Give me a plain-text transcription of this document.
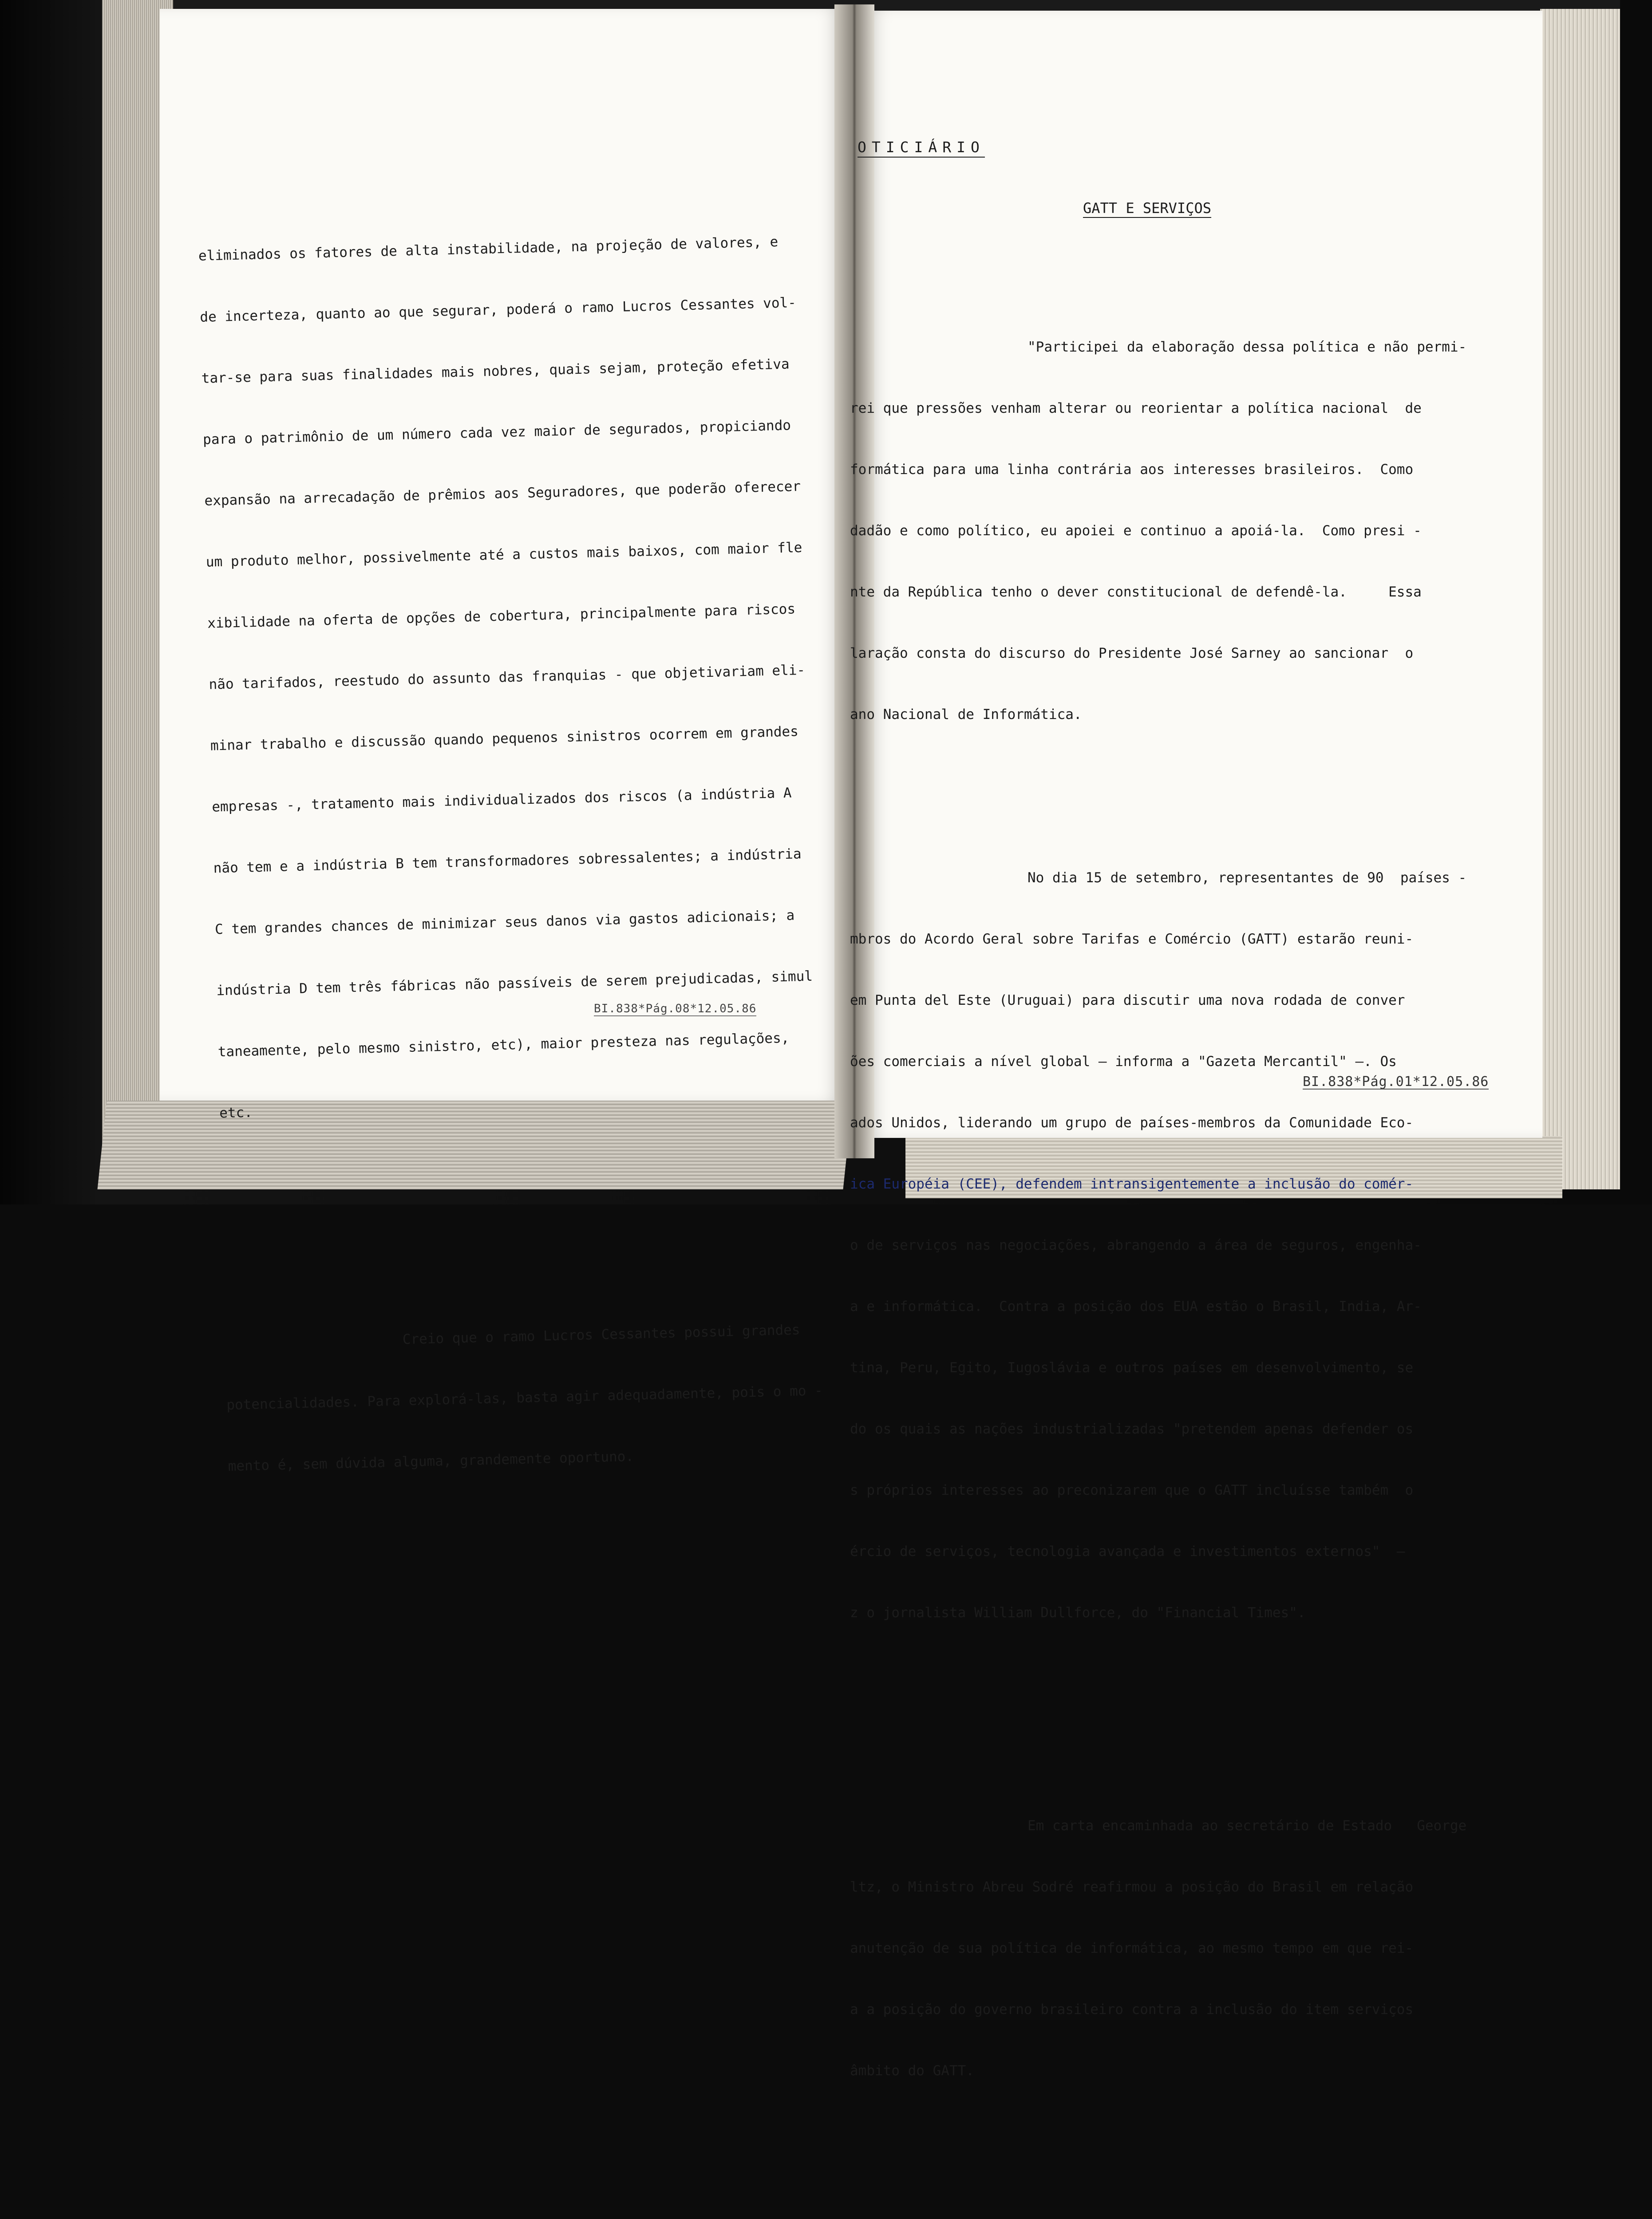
eliminados os fatores de alta instabilidade, na projeção de valores, e

de incerteza, quanto ao que segurar, poderá o ramo Lucros Cessantes vol-

tar-se para suas finalidades mais nobres, quais sejam, proteção efetiva

para o patrimônio de um número cada vez maior de segurados, propiciando

expansão na arrecadação de prêmios aos Seguradores, que poderão oferecer

um produto melhor, possivelmente até a custos mais baixos, com maior fle

xibilidade na oferta de opções de cobertura, principalmente para riscos

não tarifados, reestudo do assunto das franquias - que objetivariam eli-

minar trabalho e discussão quando pequenos sinistros ocorrem em grandes

empresas -, tratamento mais individualizados dos riscos (a indústria A

não tem e a indústria B tem transformadores sobressalentes; a indústria

C tem grandes chances de minimizar seus danos via gastos adicionais; a

indústria D tem três fábricas não passíveis de serem prejudicadas, simul

taneamente, pelo mesmo sinistro, etc), maior presteza nas regulações,

etc.

Creio que o ramo Lucros Cessantes possui grandes

potencialidades. Para explorá-las, basta agir adequadamente, pois o mo -

mento é, sem dúvida alguma, grandemente oportuno.

BI.838*Pág.08*12.05.86
OTICIÁRIO
GATT E SERVIÇOS

"Participei da elaboração dessa política e não permi-

rei que pressões venham alterar ou reorientar a política nacional  de

formática para uma linha contrária aos interesses brasileiros.  Como

dadão e como político, eu apoiei e continuo a apoiá-la.  Como presi -

nte da República tenho o dever constitucional de defendê-la.     Essa

laração consta do discurso do Presidente José Sarney ao sancionar  o

ano Nacional de Informática.

No dia 15 de setembro, representantes de 90  países -

mbros do Acordo Geral sobre Tarifas e Comércio (GATT) estarão reuni-

em Punta del Este (Uruguai) para discutir uma nova rodada de conver

ões comerciais a nível global — informa a "Gazeta Mercantil" —. Os

ados Unidos, liderando um grupo de países-membros da Comunidade Eco-

ica Européia (CEE), defendem intransigentemente a inclusão do comér-

o de serviços nas negociações, abrangendo a área de seguros, engenha-

a e informática.  Contra a posição dos EUA estão o Brasil, India, Ar-

tina, Peru, Egito, Iugoslávia e outros países em desenvolvimento, se

do os quais as nações industrializadas "pretendem apenas defender os

s próprios interesses ao preconizarem que o GATT incluísse também  o

ércio de serviços, tecnologia avançada e investimentos externos"  —

z o jornalista William Dullforce, do "Financial Times".

Em carta encaminhada ao secretário de Estado   George

ltz, o Ministro Abreu Sodré reafirmou a posição do Brasil em relação

anutenção de sua política de informática, ao mesmo tempo em que rei-

a a posição do governo brasileiro contra a inclusão do item serviços

âmbito do GATT.

BI.838*Pág.01*12.05.86
